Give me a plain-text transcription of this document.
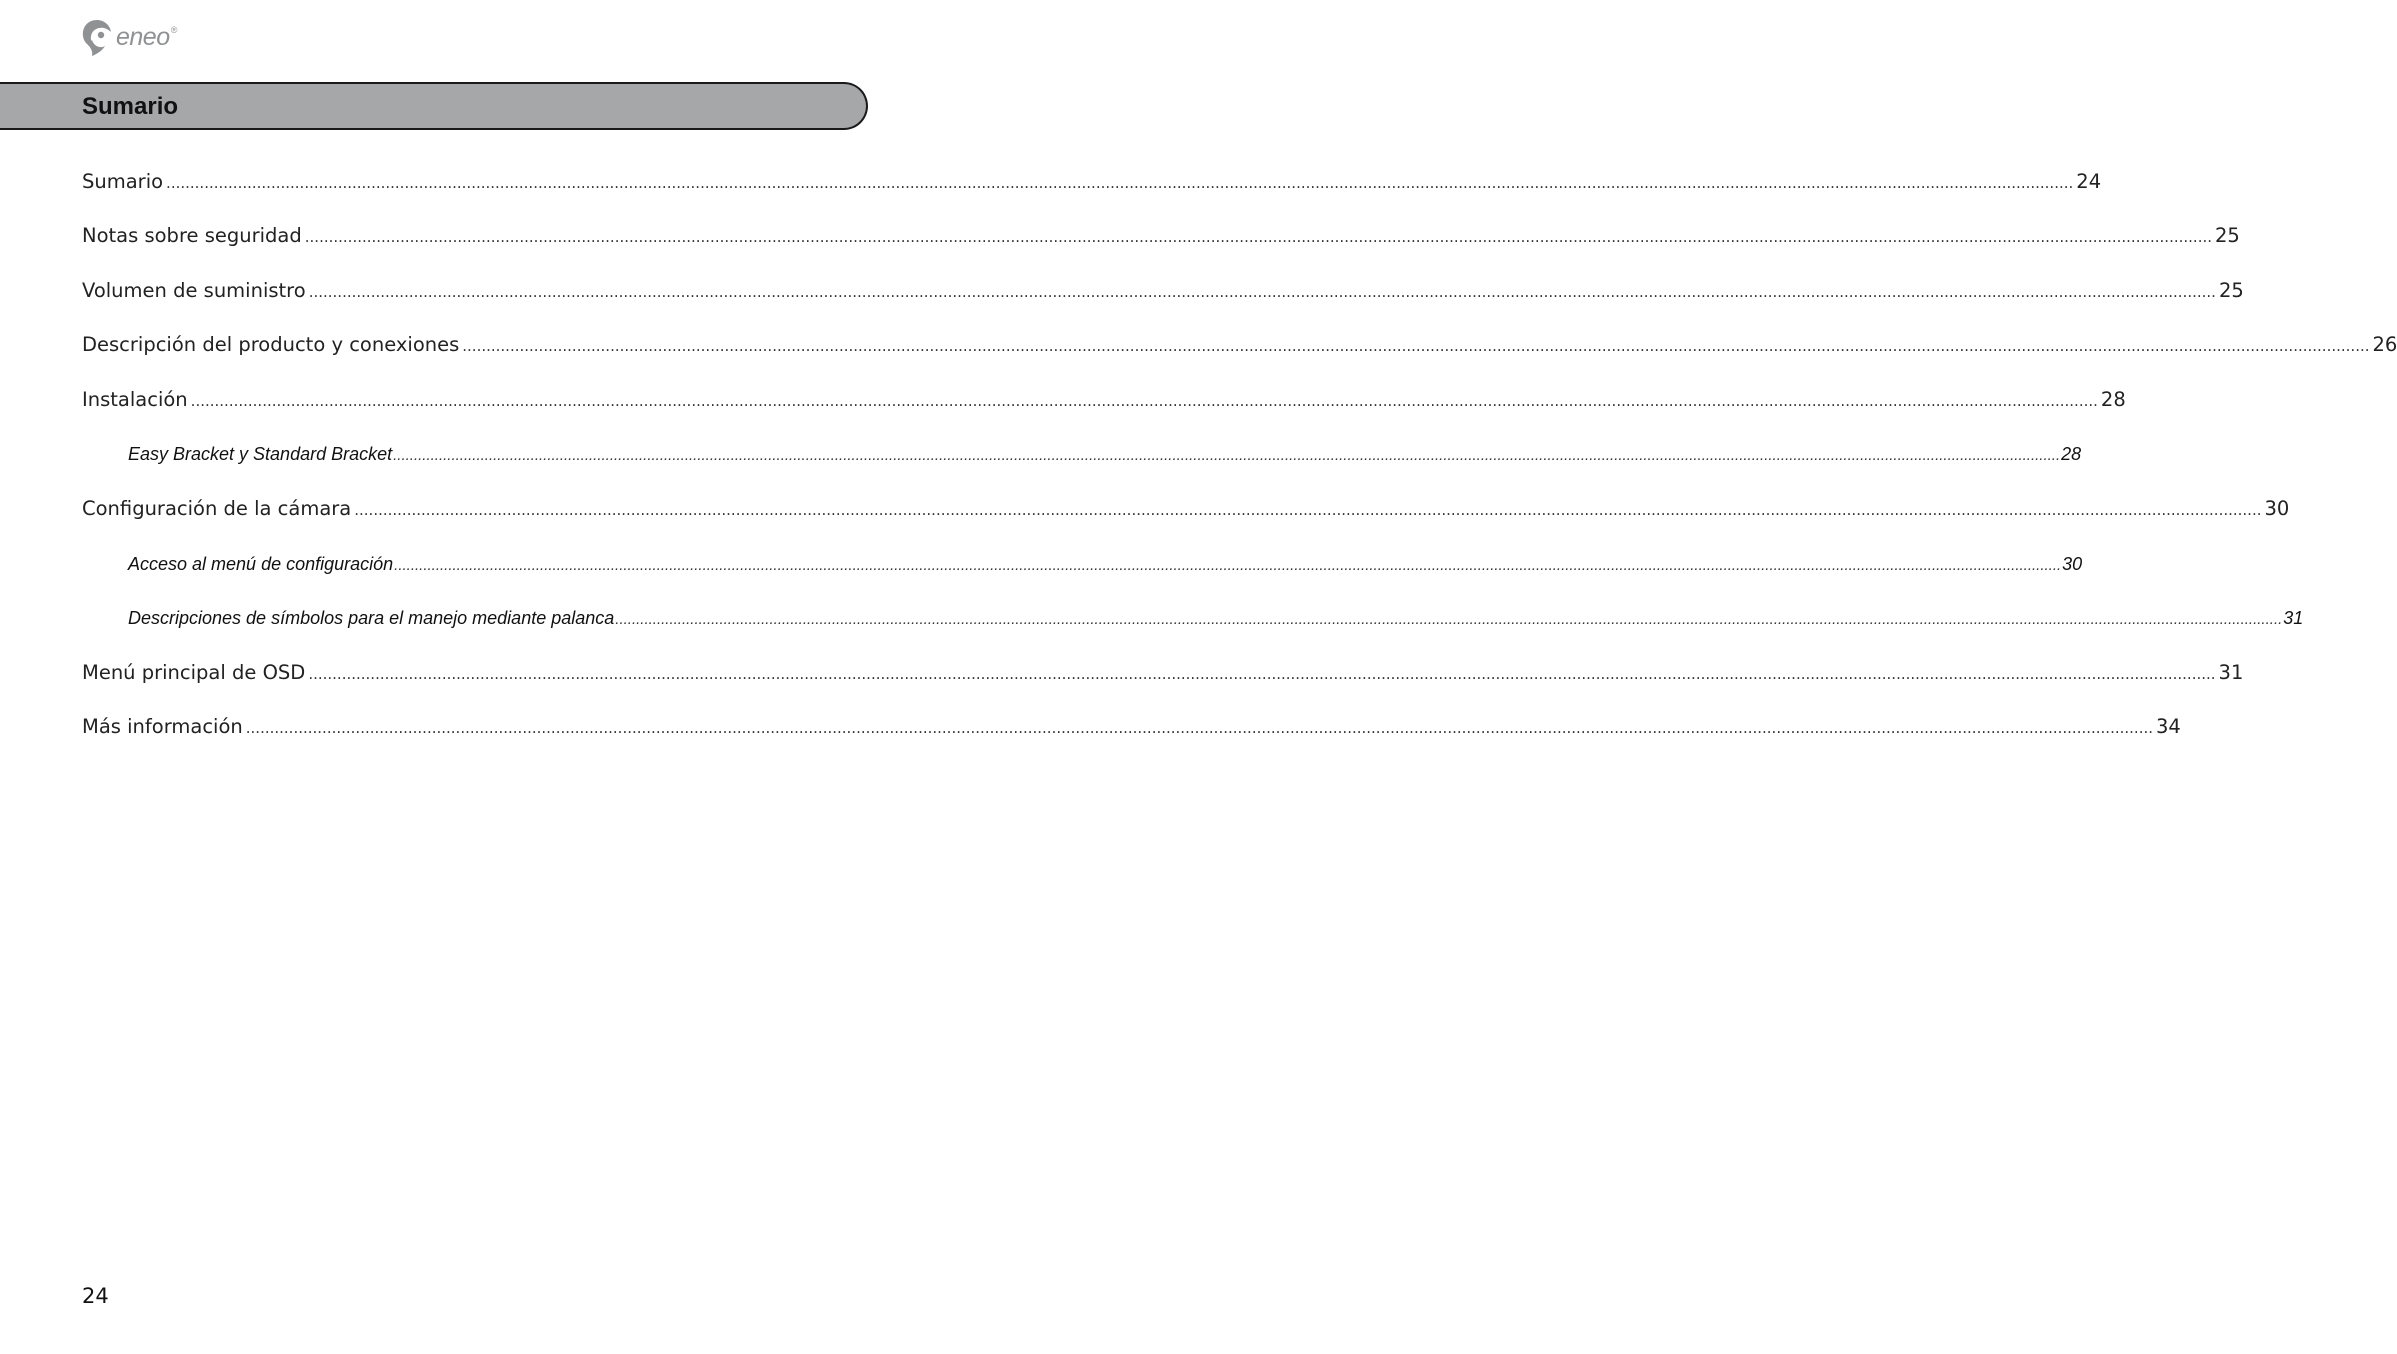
eneo®
Sumario
Sumario ................................................................................................................................................................................................................................................................................................................................................................................................................ 24
Notas sobre seguridad ................................................................................................................................................................................................................................................................................................................................................................................................................ 25
Volumen de suministro ................................................................................................................................................................................................................................................................................................................................................................................................................ 25
Descripción del producto y conexiones ................................................................................................................................................................................................................................................................................................................................................................................................................ 26
Instalación ................................................................................................................................................................................................................................................................................................................................................................................................................ 28
Easy Bracket y Standard Bracket ................................................................................................................................................................................................................................................................................................................................................................................................................ 28
Configuración de la cámara ................................................................................................................................................................................................................................................................................................................................................................................................................ 30
Acceso al menú de configuración ................................................................................................................................................................................................................................................................................................................................................................................................................ 30
Descripciones de símbolos para el manejo mediante palanca ................................................................................................................................................................................................................................................................................................................................................................................................................ 31
Menú principal de OSD ................................................................................................................................................................................................................................................................................................................................................................................................................ 31
Más información ................................................................................................................................................................................................................................................................................................................................................................................................................ 34
24
